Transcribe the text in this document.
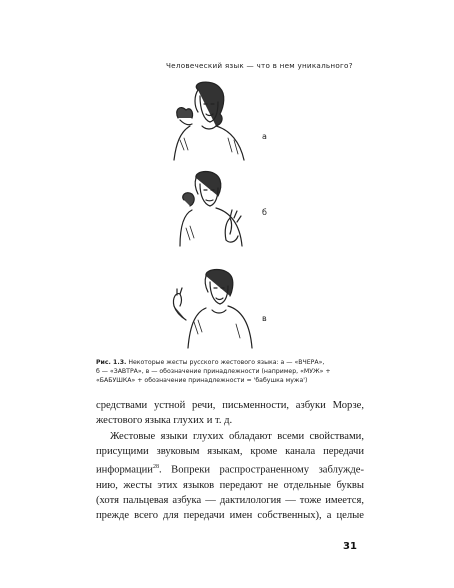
Человеческий язык — что в нем уникального?
а
б
в
Рис. 1.3. Некоторые жесты русского жестового языка: а — «ВЧЕРА»,
б — «ЗАВТРА», в — обозначение принадлежности (например, «МУЖ» +
«БАБУШКА» + обозначение принадлежности = 'бабушка мужа')
средствами устной речи, письменности, азбуки Морзе,
жестового языка глухих и т. д.
Жестовые языки глухих обладают всеми свойствами,
присущими звуковым языкам, кроме канала передачи
информации$^{28}$. Вопреки распространенному заблужде-
нию, жесты этих языков передают не отдельные буквы
(хотя пальцевая азбука — дактилология — тоже имеется,
прежде всего для передачи имен собственных), а целые
31
